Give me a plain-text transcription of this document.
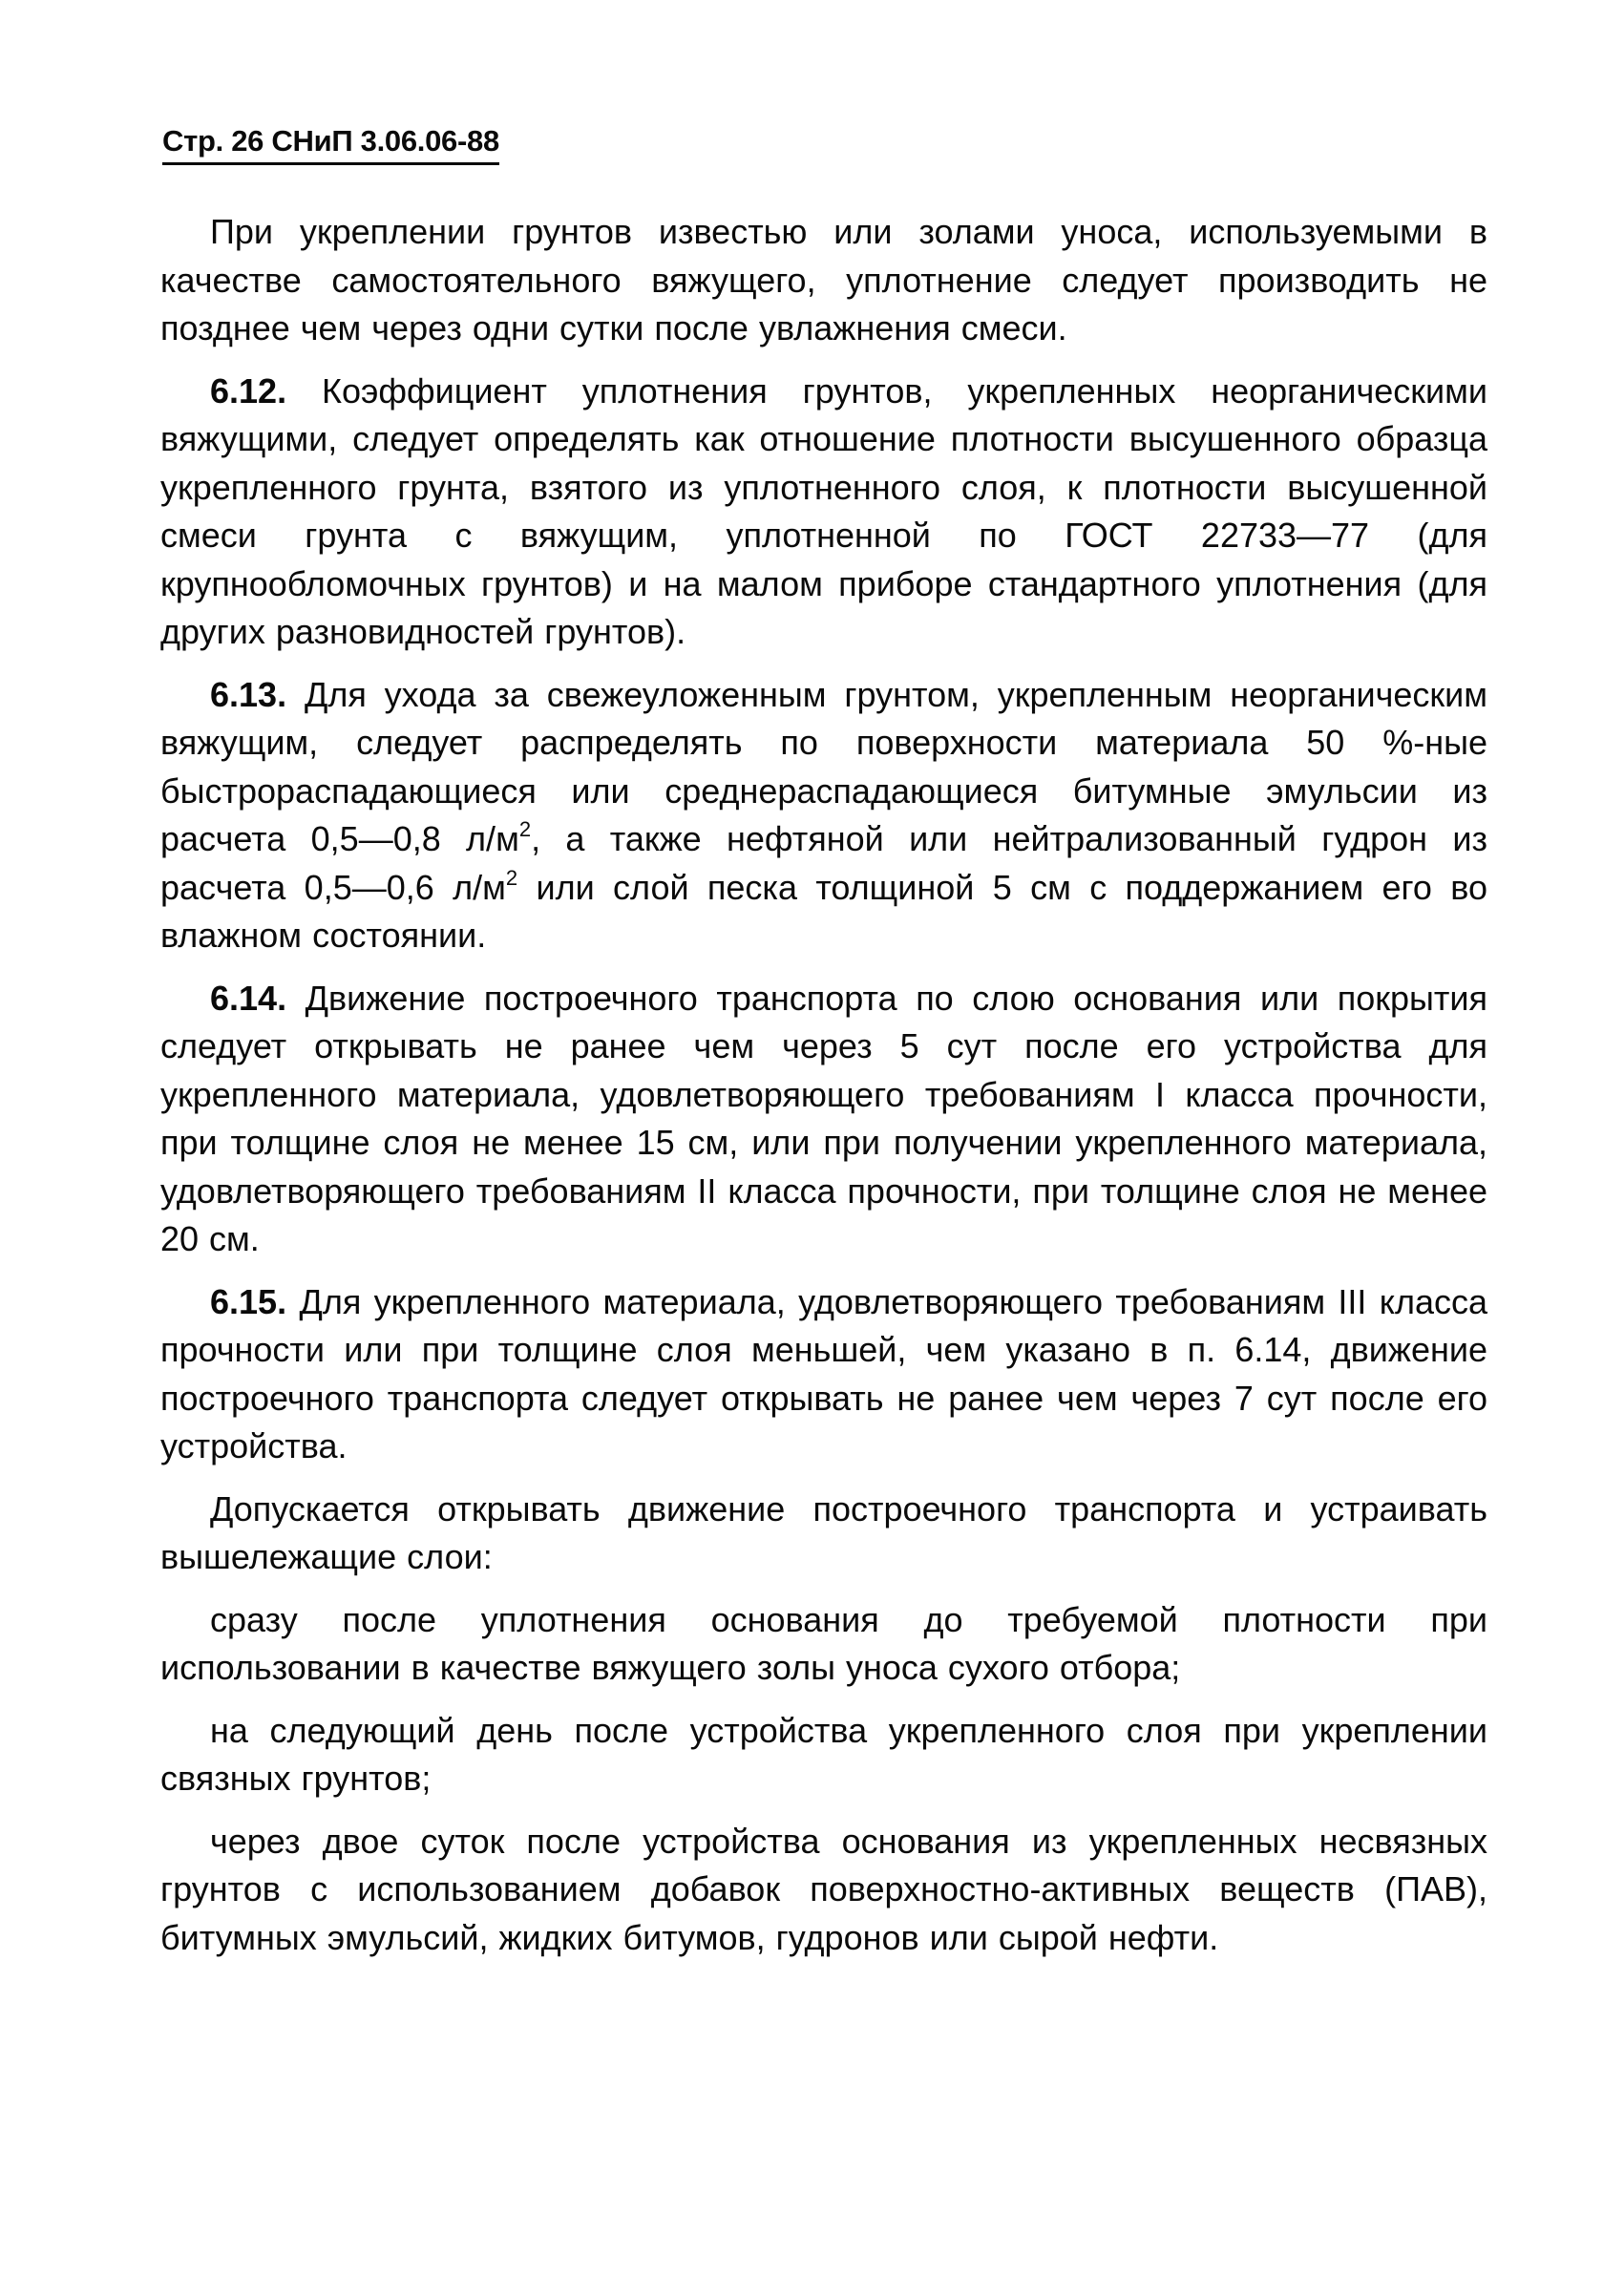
Стр. 26 СНиП 3.06.06-88

При укреплении грунтов известью или золами уноса, используемыми в качестве самостоятельного вяжущего, уплотнение следует производить не позднее чем через одни сутки после увлажнения смеси.

6.12. Коэффициент уплотнения грунтов, укрепленных неорганическими вяжущими, следует определять как отношение плотности высушенного образца укрепленного грунта, взятого из уплотненного слоя, к плотности высушенной смеси грунта с вяжущим, уплотненной по ГОСТ 22733—77 (для крупнообломочных грунтов) и на малом приборе стандартного уплотнения (для других разновидностей грунтов).

6.13. Для ухода за свежеуложенным грунтом, укрепленным неорганическим вяжущим, следует распределять по поверхности материала 50 %-ные быстрораспадающиеся или среднераспадающиеся битумные эмульсии из расчета 0,5—0,8 $л/м^2$, а также нефтяной или нейтрализованный гудрон из расчета 0,5—0,6 $л/м^2$ или слой песка толщиной 5 см с поддержанием его во влажном состоянии.

6.14. Движение построечного транспорта по слою основания или покрытия следует открывать не ранее чем через 5 сут после его устройства для укрепленного материала, удовлетворяющего требованиям I класса прочности, при толщине слоя не менее 15 см, или при получении укрепленного материала, удовлетворяющего требованиям II класса прочности, при толщине слоя не менее 20 см.

6.15. Для укрепленного материала, удовлетворяющего требованиям III класса прочности или при толщине слоя меньшей, чем указано в п. 6.14, движение построечного транспорта следует открывать не ранее чем через 7 сут после его устройства.

Допускается открывать движение построечного транспорта и устраивать вышележащие слои:

сразу после уплотнения основания до требуемой плотности при использовании в качестве вяжущего золы уноса сухого отбора;

на следующий день после устройства укрепленного слоя при укреплении связных грунтов;

через двое суток после устройства основания из укрепленных несвязных грунтов с использованием добавок поверхностно-активных веществ (ПАВ), битумных эмульсий, жидких битумов, гудронов или сырой нефти.
